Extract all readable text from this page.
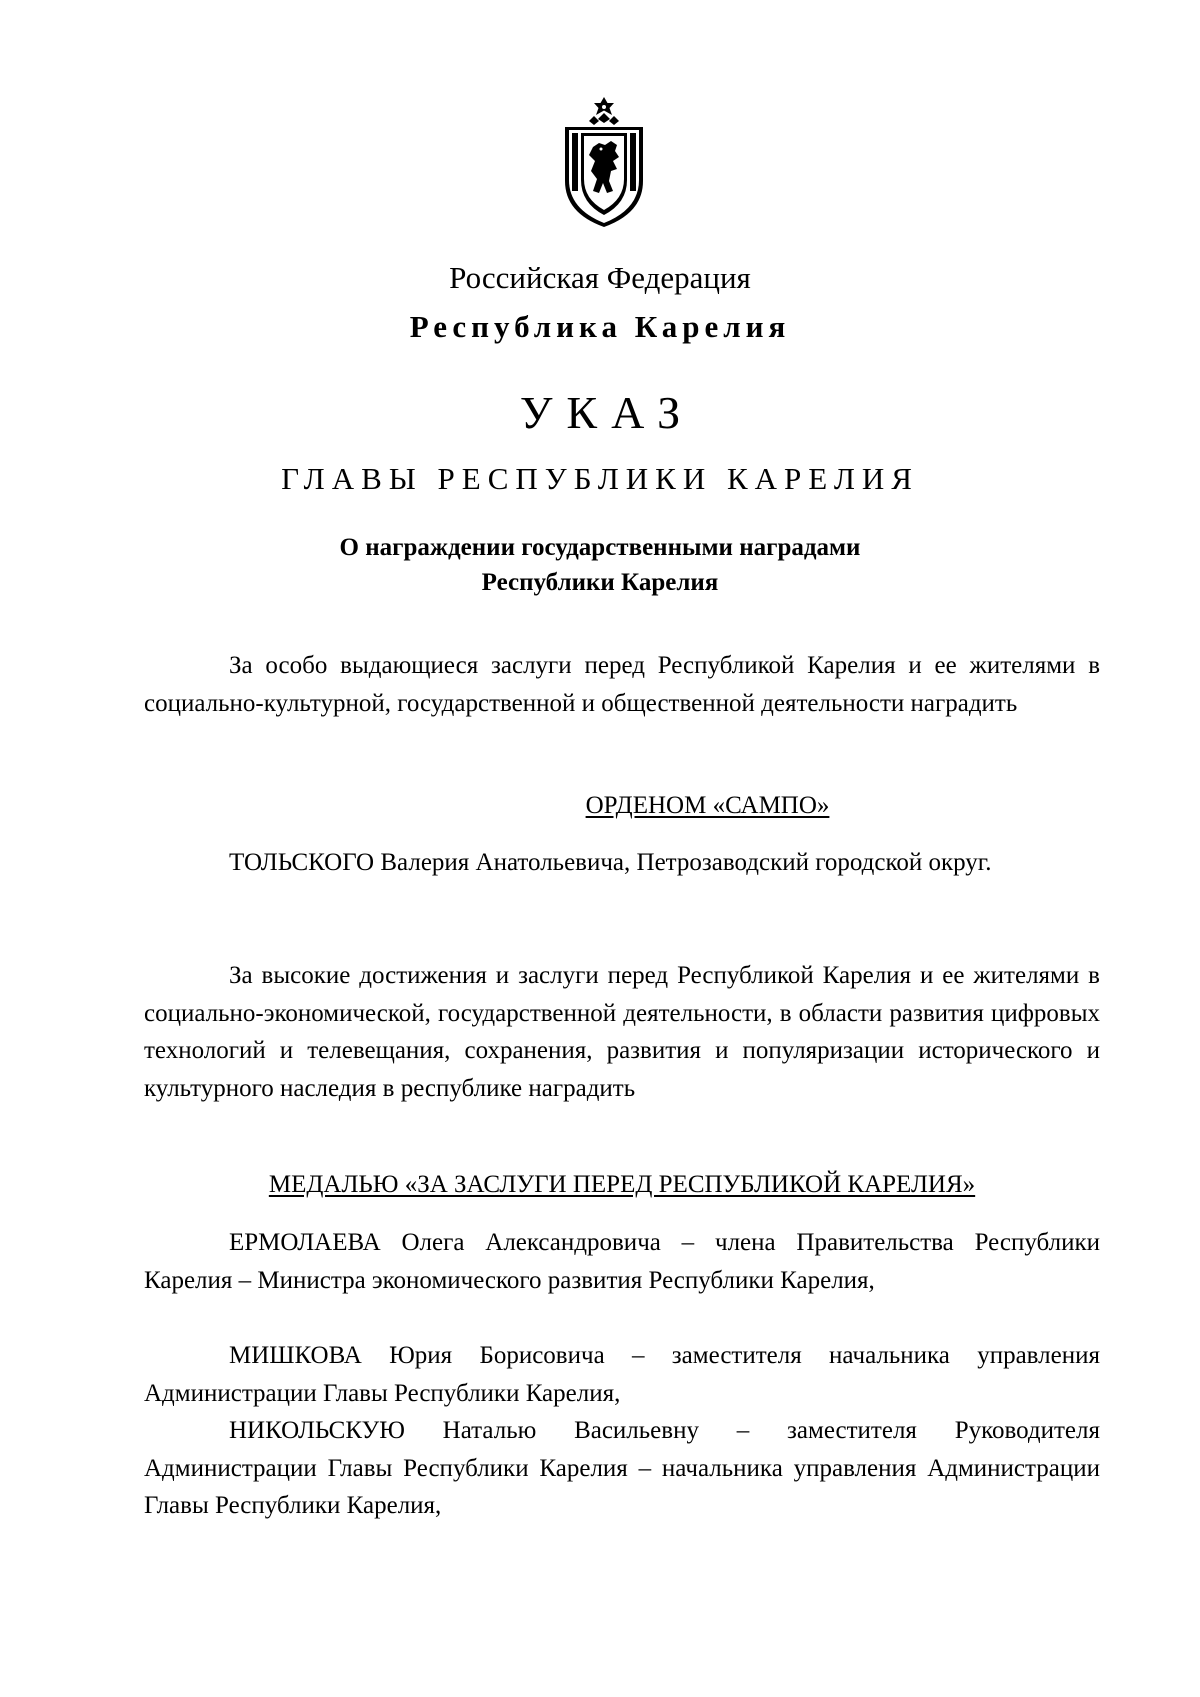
Российская Федерация
Республика Карелия
УКАЗ
ГЛАВЫ РЕСПУБЛИКИ КАРЕЛИЯ
О награждении государственными наградами
Республики Карелия

За особо выдающиеся заслуги перед Республикой Карелия и ее жителями в социально-культурной, государственной и общественной деятельности наградить

ОРДЕНОМ «САМПО»

ТОЛЬСКОГО Валерия Анатольевича, Петрозаводский городской округ.

За высокие достижения и заслуги перед Республикой Карелия и ее жителями в социально-экономической, государственной деятельности, в области развития цифровых технологий и телевещания, сохранения, развития и популяризации исторического и культурного наследия в республике наградить

МЕДАЛЬЮ «ЗА ЗАСЛУГИ ПЕРЕД РЕСПУБЛИКОЙ КАРЕЛИЯ»

ЕРМОЛАЕВА Олега Александровича – члена Правительства Республики Карелия – Министра экономического развития Республики Карелия,

МИШКОВА Юрия Борисовича – заместителя начальника управления Администрации Главы Республики Карелия,

НИКОЛЬСКУЮ Наталью Васильевну – заместителя Руководителя Администрации Главы Республики Карелия – начальника управления Администрации Главы Республики Карелия,
